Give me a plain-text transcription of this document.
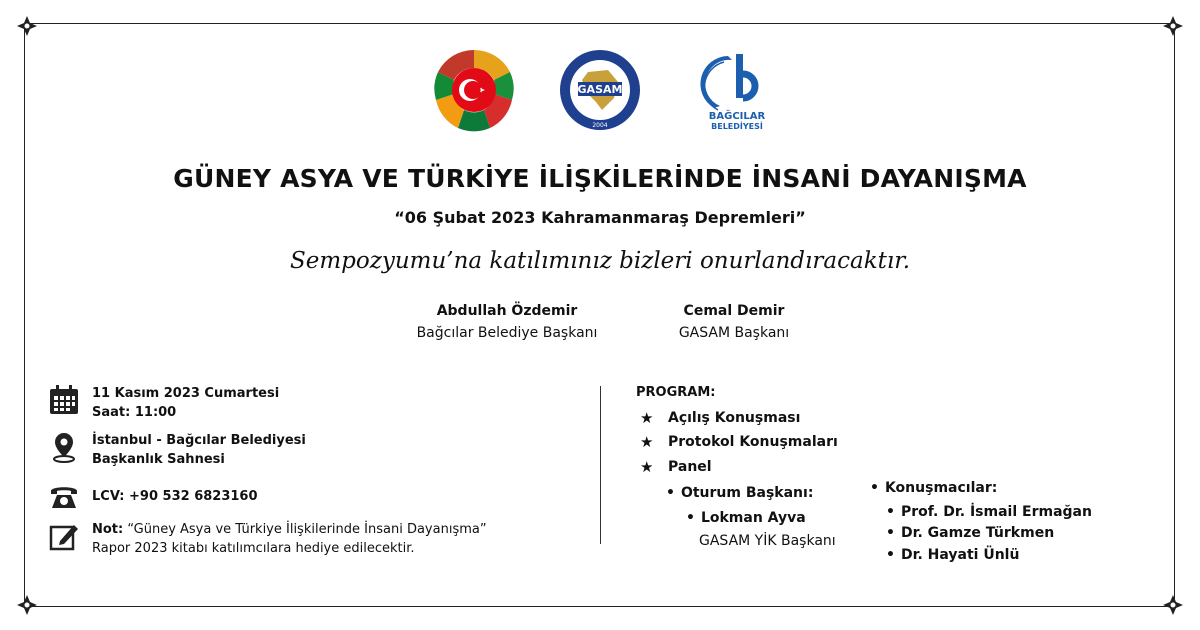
GASAM
2004
BAĞCILAR
BELEDİYESİ
GÜNEY ASYA VE TÜRKİYE İLİŞKİLERİNDE İNSANİ DAYANIŞMA
“06 Şubat 2023 Kahramanmaraş Depremleri”
Sempozyumu’na katılımınız bizleri onurlandıracaktır.
Abdullah Özdemir
Bağcılar Belediye Başkanı
Cemal Demir
GASAM Başkanı
11 Kasım 2023 Cumartesi
Saat: 11:00
İstanbul - Bağcılar Belediyesi
Başkanlık Sahnesi
LCV: +90 532 6823160
Not: “Güney Asya ve Türkiye İlişkilerinde İnsani Dayanışma”
Rapor 2023 kitabı katılımcılara hediye edilecektir.
PROGRAM:
★ Açılış Konuşması
★ Protokol Konuşmaları
★ Panel
• Oturum Başkanı:
• Lokman Ayva
GASAM YİK Başkanı
• Konuşmacılar:
• Prof. Dr. İsmail Ermağan
• Dr. Gamze Türkmen
• Dr. Hayati Ünlü
